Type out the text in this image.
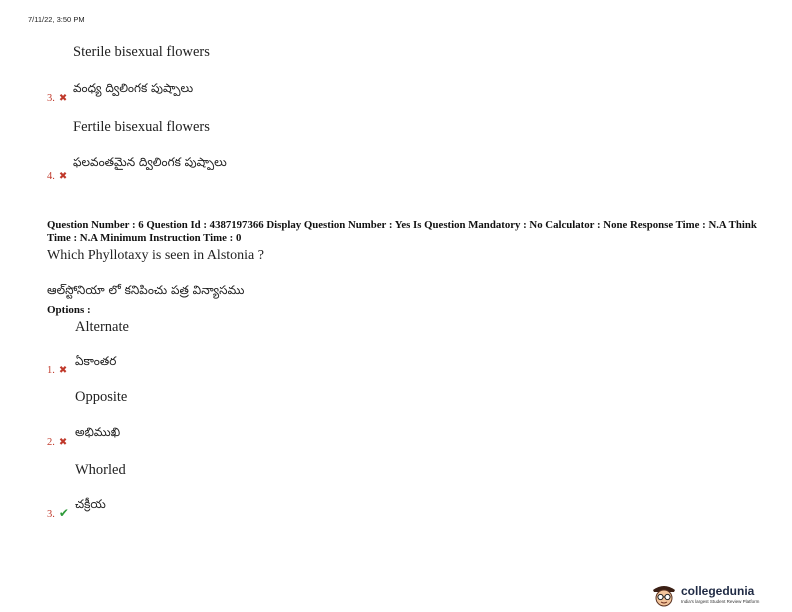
7/11/22, 3:50 PM
Sterile bisexual flowers
3. ✖
వంధ్య ద్విలింగక పుష్పాలు
Fertile bisexual flowers
4. ✖
ఫలవంతమైన ద్విలింగక పుష్పాలు
Question Number : 6 Question Id : 4387197366 Display Question Number : Yes Is Question Mandatory : No Calculator : None Response Time : N.A Think Time : N.A Minimum Instruction Time : 0
Which Phyllotaxy is seen in Alstonia ?
ఆల్‌స్టోనియా లో కనిపించు పత్ర విన్యాసము
Options :
Alternate
1. ✖
ఏకాంతర
Opposite
2. ✖
అభిముఖి
Whorled
3. ✔
చక్రీయ
collegedunia
India's largest Student Review Platform
